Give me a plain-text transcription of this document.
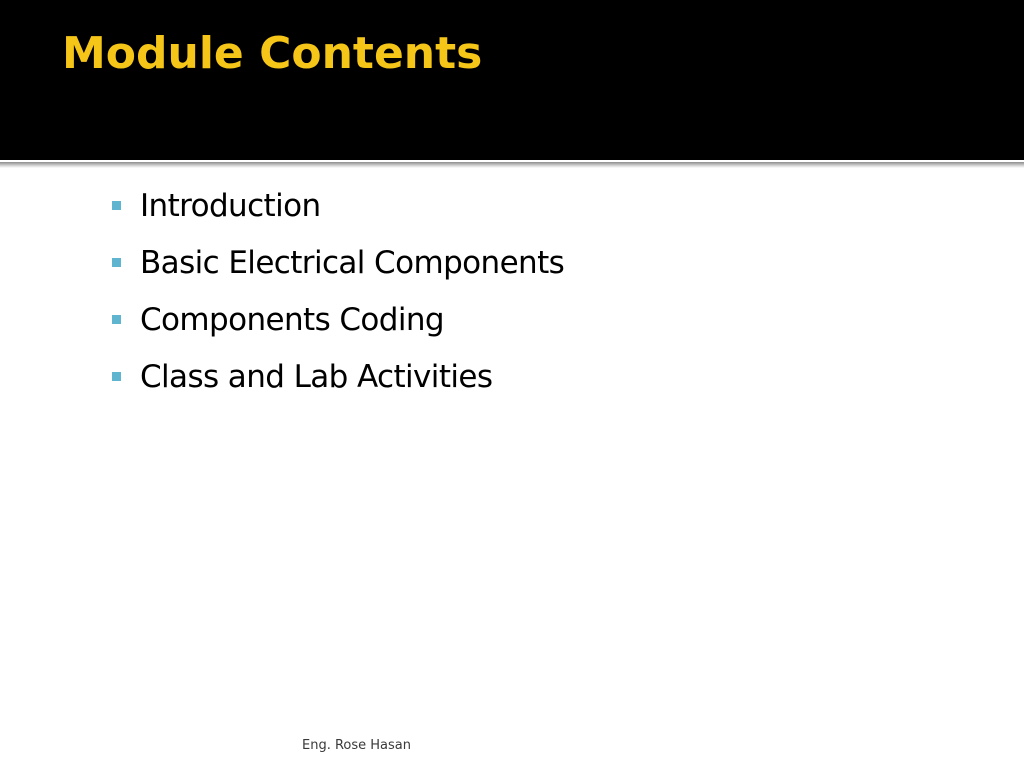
Module Contents
Introduction
Basic Electrical Components
Components Coding
Class and Lab Activities
Eng. Rose Hasan
